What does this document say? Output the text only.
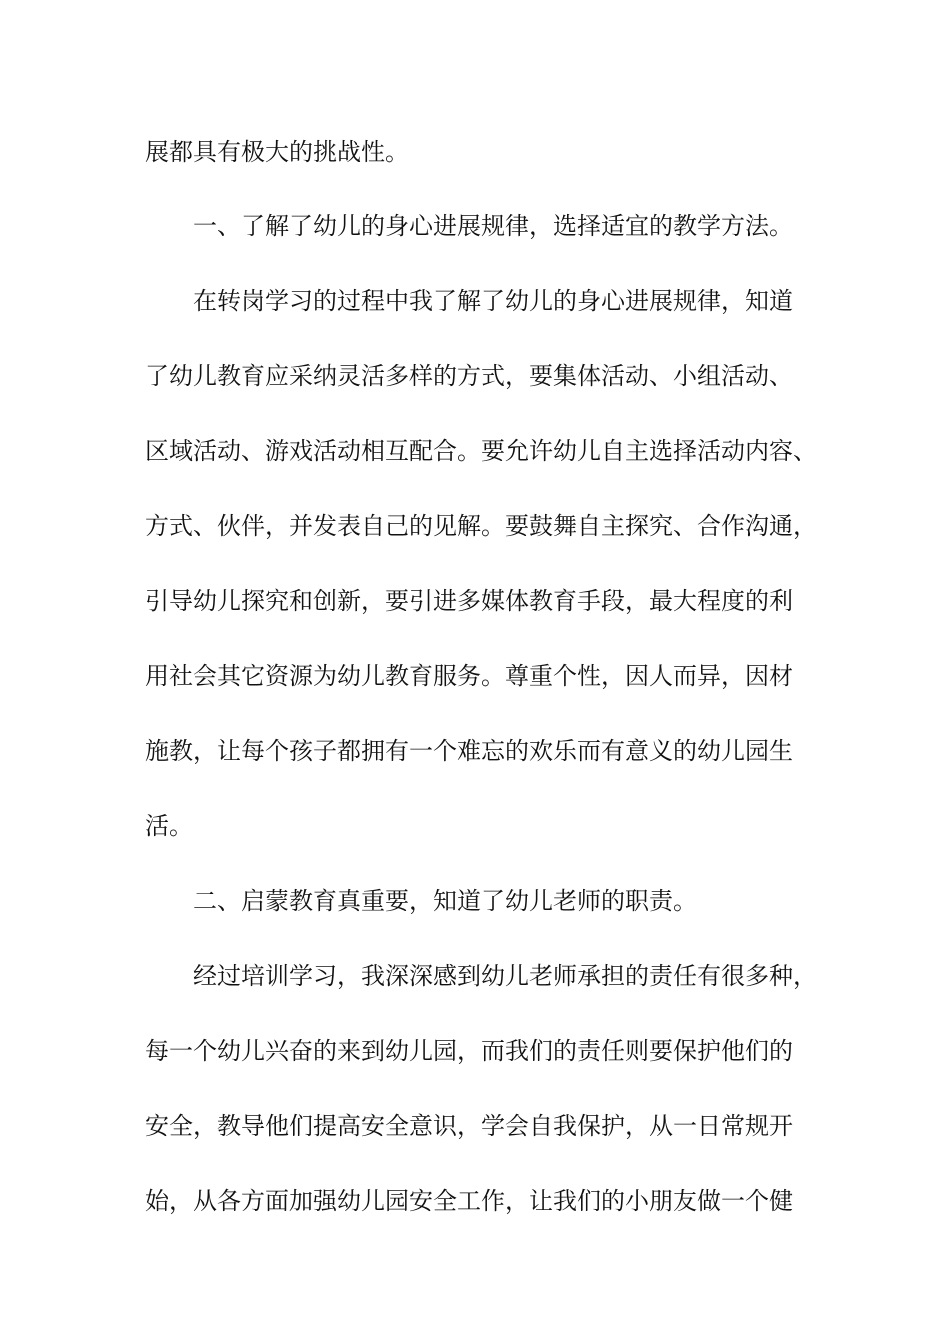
展都具有极大的挑战性。
一、了解了幼儿的身心进展规律，选择适宜的教学方法。
在转岗学习的过程中我了解了幼儿的身心进展规律，知道
了幼儿教育应采纳灵活多样的方式，要集体活动、小组活动、
区域活动、游戏活动相互配合。要允许幼儿自主选择活动内容、
方式、伙伴，并发表自己的见解。要鼓舞自主探究、合作沟通，
引导幼儿探究和创新，要引进多媒体教育手段，最大程度的利
用社会其它资源为幼儿教育服务。尊重个性，因人而异，因材
施教，让每个孩子都拥有一个难忘的欢乐而有意义的幼儿园生
活。
二、启蒙教育真重要，知道了幼儿老师的职责。
经过培训学习，我深深感到幼儿老师承担的责任有很多种，
每一个幼儿兴奋的来到幼儿园，而我们的责任则要保护他们的
安全，教导他们提高安全意识，学会自我保护，从一日常规开
始，从各方面加强幼儿园安全工作，让我们的小朋友做一个健
